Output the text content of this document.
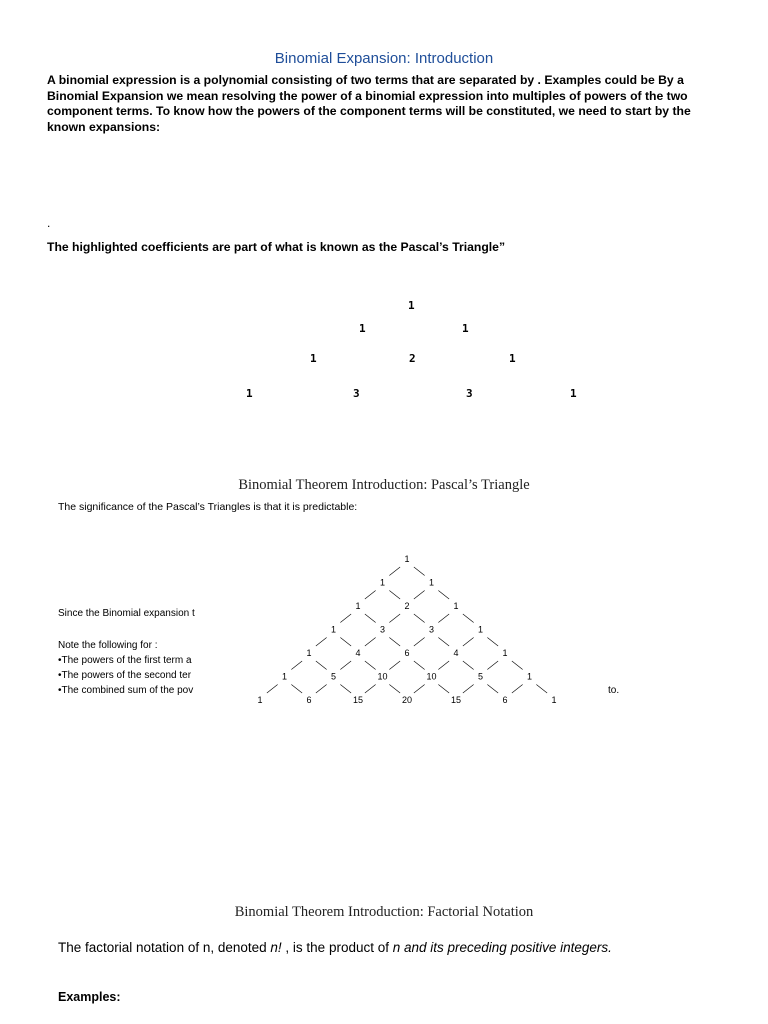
Binomial Expansion: Introduction
A binomial expression is a polynomial consisting of two terms that are separated by . Examples could be By a Binomial Expansion we mean resolving the power of a binomial expression into multiples of powers of the two component terms. To know how the powers of the component terms will be constituted, we need to start by the known expansions:
.
The highlighted coefficients are part of what is known as the Pascal’s Triangle”
1
1	1
1	2	1
1	3	3	1
Binomial Theorem Introduction: Pascal’s Triangle
The significance of the Pascal’s Triangles is that it is predictable:
Since the Binomial expansion t
Note the following for :
•The powers of the first term a
•The powers of the second ter
•The combined sum of the pov	to.
1
1	1
1	2	1
1	3	3	1
1	4	6	4	1
1	5	10	10	5	1
1	6	15	20	15	6	1
Binomial Theorem Introduction: Factorial Notation
The factorial notation of n, denoted n! , is the product of n and its preceding positive integers.
Examples:
